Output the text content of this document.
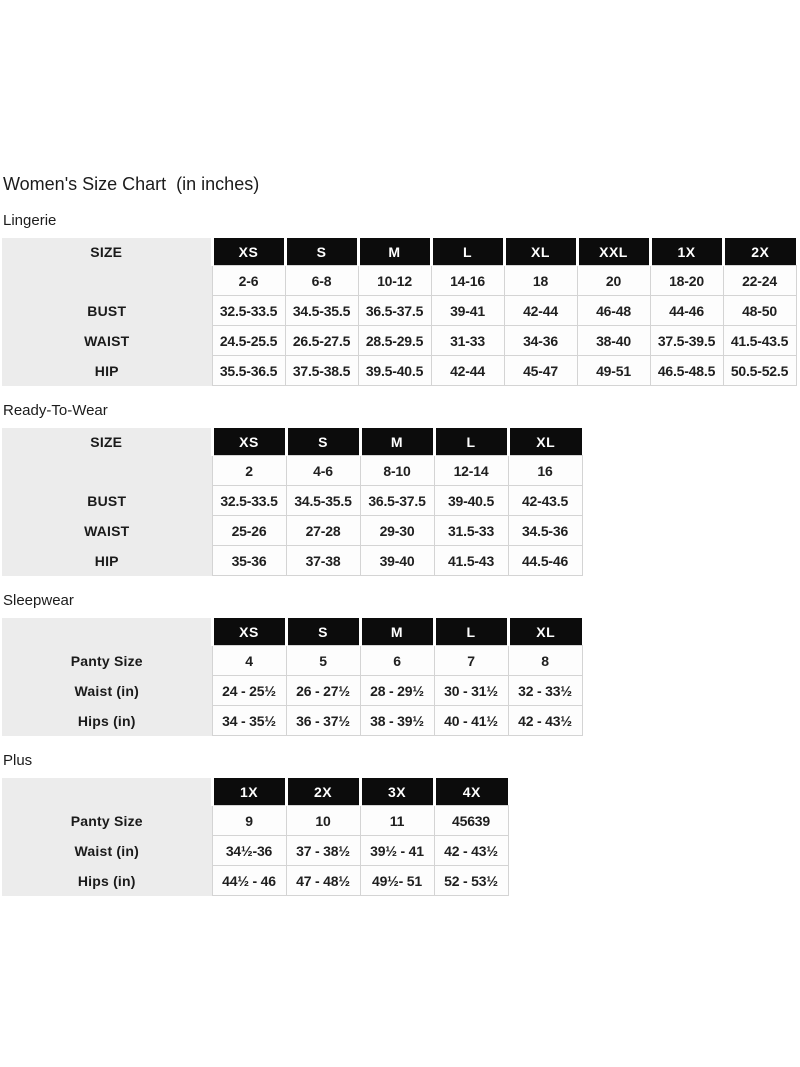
Women's Size Chart  (in inches)
Lingerie
SIZE	XS	S	M	L	XL	XXL	1X	2X
	2-6	6-8	10-12	14-16	18	20	18-20	22-24
BUST	32.5-33.5	34.5-35.5	36.5-37.5	39-41	42-44	46-48	44-46	48-50
WAIST	24.5-25.5	26.5-27.5	28.5-29.5	31-33	34-36	38-40	37.5-39.5	41.5-43.5
HIP	35.5-36.5	37.5-38.5	39.5-40.5	42-44	45-47	49-51	46.5-48.5	50.5-52.5
Ready-To-Wear
SIZE	XS	S	M	L	XL
	2	4-6	8-10	12-14	16
BUST	32.5-33.5	34.5-35.5	36.5-37.5	39-40.5	42-43.5
WAIST	25-26	27-28	29-30	31.5-33	34.5-36
HIP	35-36	37-38	39-40	41.5-43	44.5-46
Sleepwear
	XS	S	M	L	XL
Panty Size	4	5	6	7	8
Waist (in)	24 - 25½	26 - 27½	28 - 29½	30 - 31½	32 - 33½
Hips (in)	34 - 35½	36 - 37½	38 - 39½	40 - 41½	42 - 43½
Plus
	1X	2X	3X	4X
Panty Size	9	10	11	45639
Waist (in)	34½-36	37 - 38½	39½ - 41	42 - 43½
Hips (in)	44½ - 46	47 - 48½	49½- 51	52 - 53½
